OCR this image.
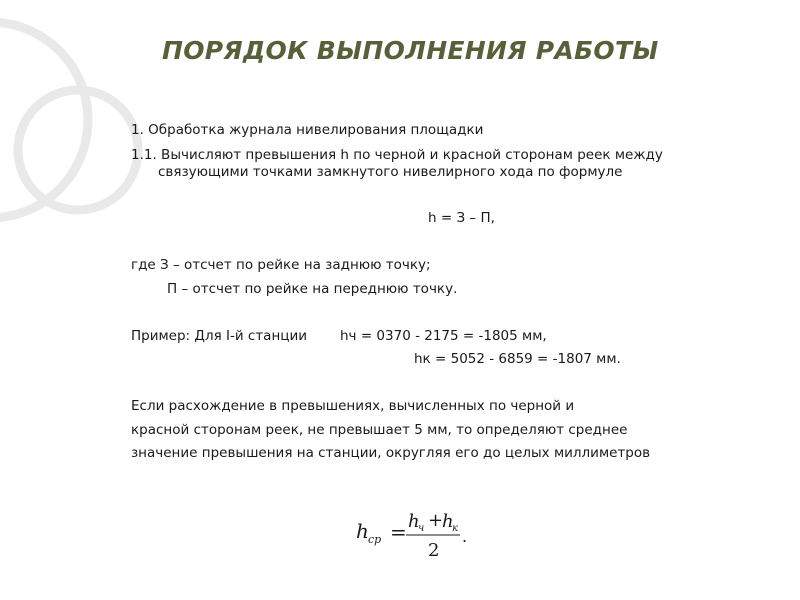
ПОРЯДОК ВЫПОЛНЕНИЯ РАБОТЫ
1. Обработка журнала нивелирования площадки
1.1. Вычисляют превышения h по черной и красной сторонам реек между
связующими точками замкнутого нивелирного хода по формуле
h = З – П,
где З – отсчет по рейке на заднюю точку;
П – отсчет по рейке на переднюю точку.
Пример: Для I-й станции hч = 0370 - 2175 = -1805 мм,
hк = 5052 - 6859 = -1807 мм.
Если расхождение в превышениях, вычисленных по черной и
красной сторонам реек, не превышает 5 мм, то определяют среднее
значение превышения на станции, округляя его до целых миллиметров
h ср = h
ч +
h
к
2
.
